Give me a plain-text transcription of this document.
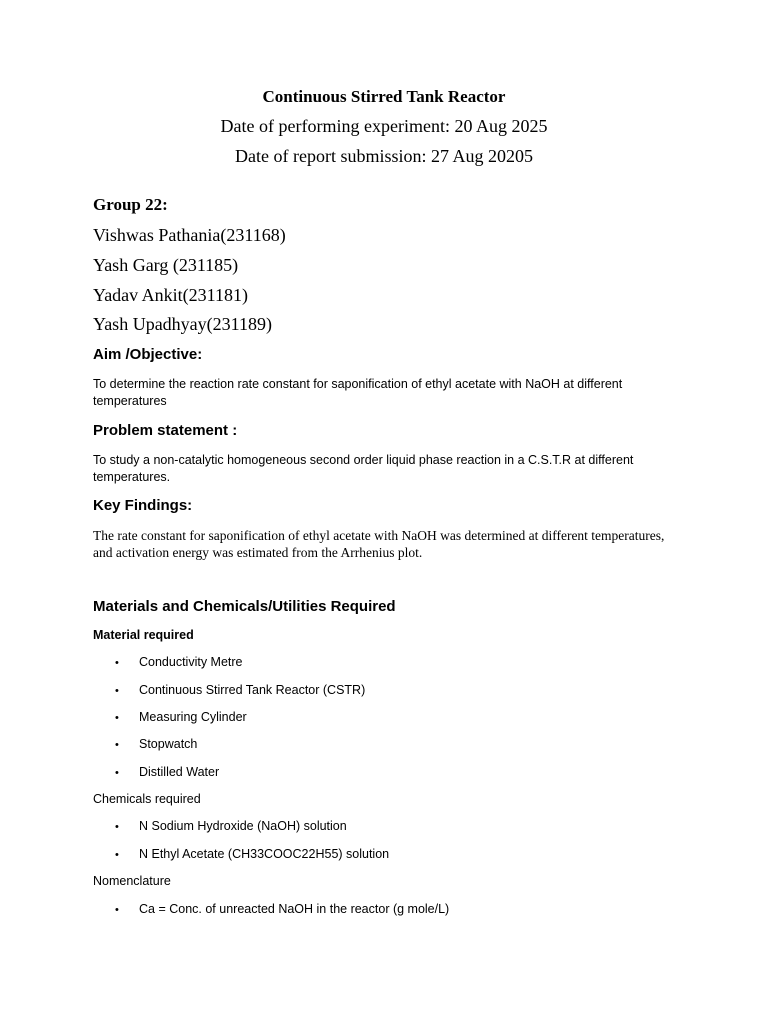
Continuous Stirred Tank Reactor
Date of performing experiment: 20 Aug 2025
Date of report submission: 27 Aug 20205
Group 22:
Vishwas Pathania(231168)
Yash Garg (231185)
Yadav Ankit(231181)
Yash Upadhyay(231189)
Aim /Objective:
To determine the reaction rate constant for saponification of ethyl acetate with NaOH at different temperatures
Problem statement :
To study a non-catalytic homogeneous second order liquid phase reaction in a C.S.T.R at different temperatures.
Key Findings:
The rate constant for saponification of ethyl acetate with NaOH was determined at different temperatures, and activation energy was estimated from the Arrhenius plot.
Materials and Chemicals/Utilities Required
Material required
• Conductivity Metre
• Continuous Stirred Tank Reactor (CSTR)
• Measuring Cylinder
• Stopwatch
• Distilled Water
Chemicals required
• N Sodium Hydroxide (NaOH) solution
• N Ethyl Acetate (CH33COOC22H55) solution
Nomenclature
• Ca = Conc. of unreacted NaOH in the reactor (g mole/L)
